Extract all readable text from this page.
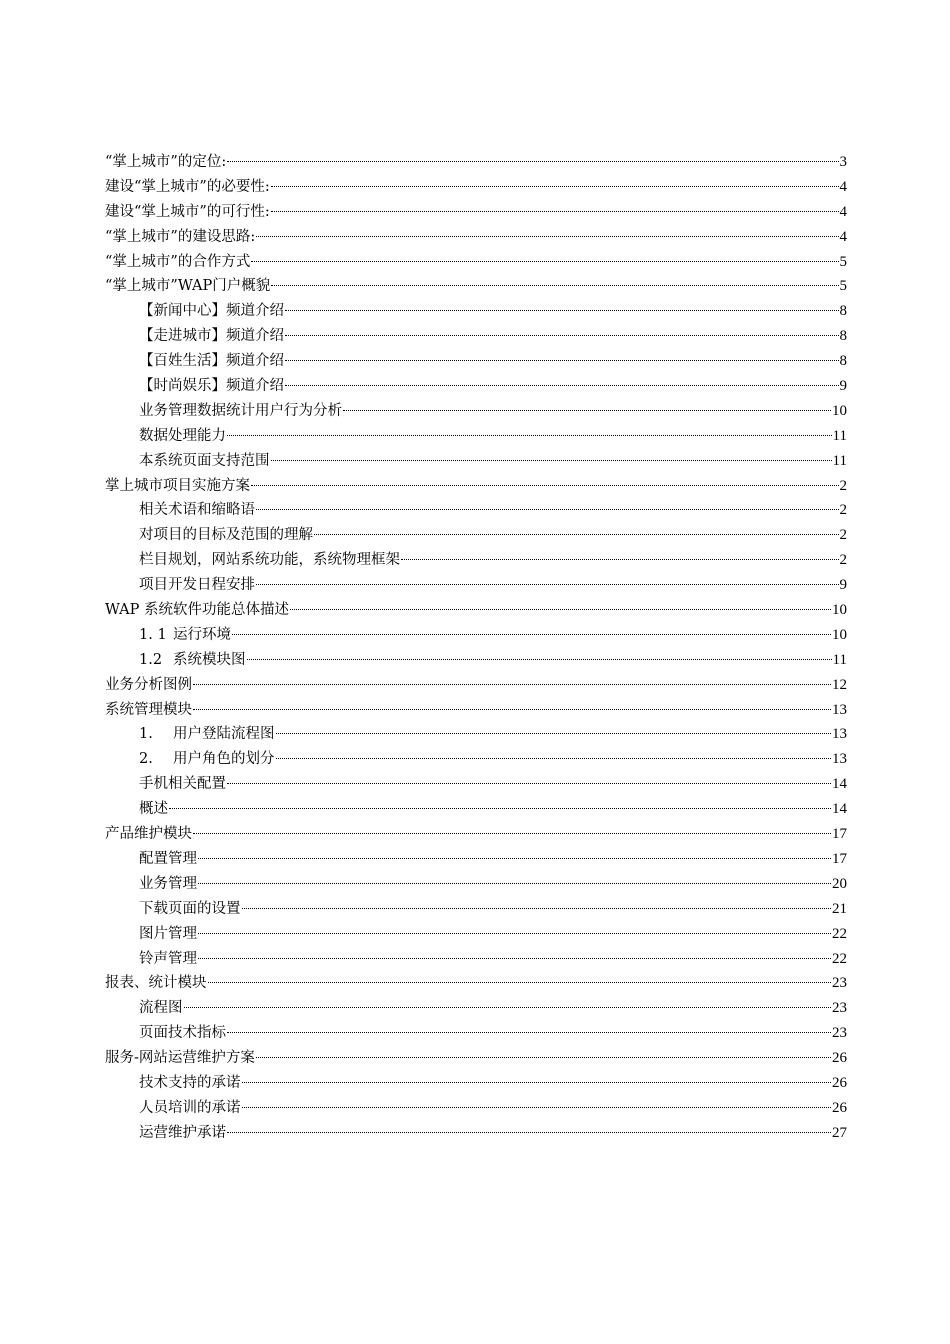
“掌上城市”的定位:	3
建设“掌上城市”的必要性:	4
建设“掌上城市”的可行性:	4
“掌上城市”的建设思路:	4
“掌上城市”的合作方式	5
“掌上城市”WAP门户概貌	5
【新闻中心】频道介绍	8
【走进城市】频道介绍	8
【百姓生活】频道介绍	8
【时尚娱乐】频道介绍	9
业务管理数据统计用户行为分析	10
数据处理能力	11
本系统页面支持范围	11
掌上城市项目实施方案	2
相关术语和缩略语	2
对项目的目标及范围的理解	2
栏目规划，网站系统功能，系统物理框架	2
项目开发日程安排	9
WAP 系统软件功能总体描述	10
1. 1 运行环境	10
1.2 系统模块图	11
业务分析图例	12
系统管理模块	13
1. 用户登陆流程图	13
2. 用户角色的划分	13
手机相关配置	14
概述	14
产品维护模块	17
配置管理	17
业务管理	20
下载页面的设置	21
图片管理	22
铃声管理	22
报表、统计模块	23
流程图	23
页面技术指标	23
服务-网站运营维护方案	26
技术支持的承诺	26
人员培训的承诺	26
运营维护承诺	27
